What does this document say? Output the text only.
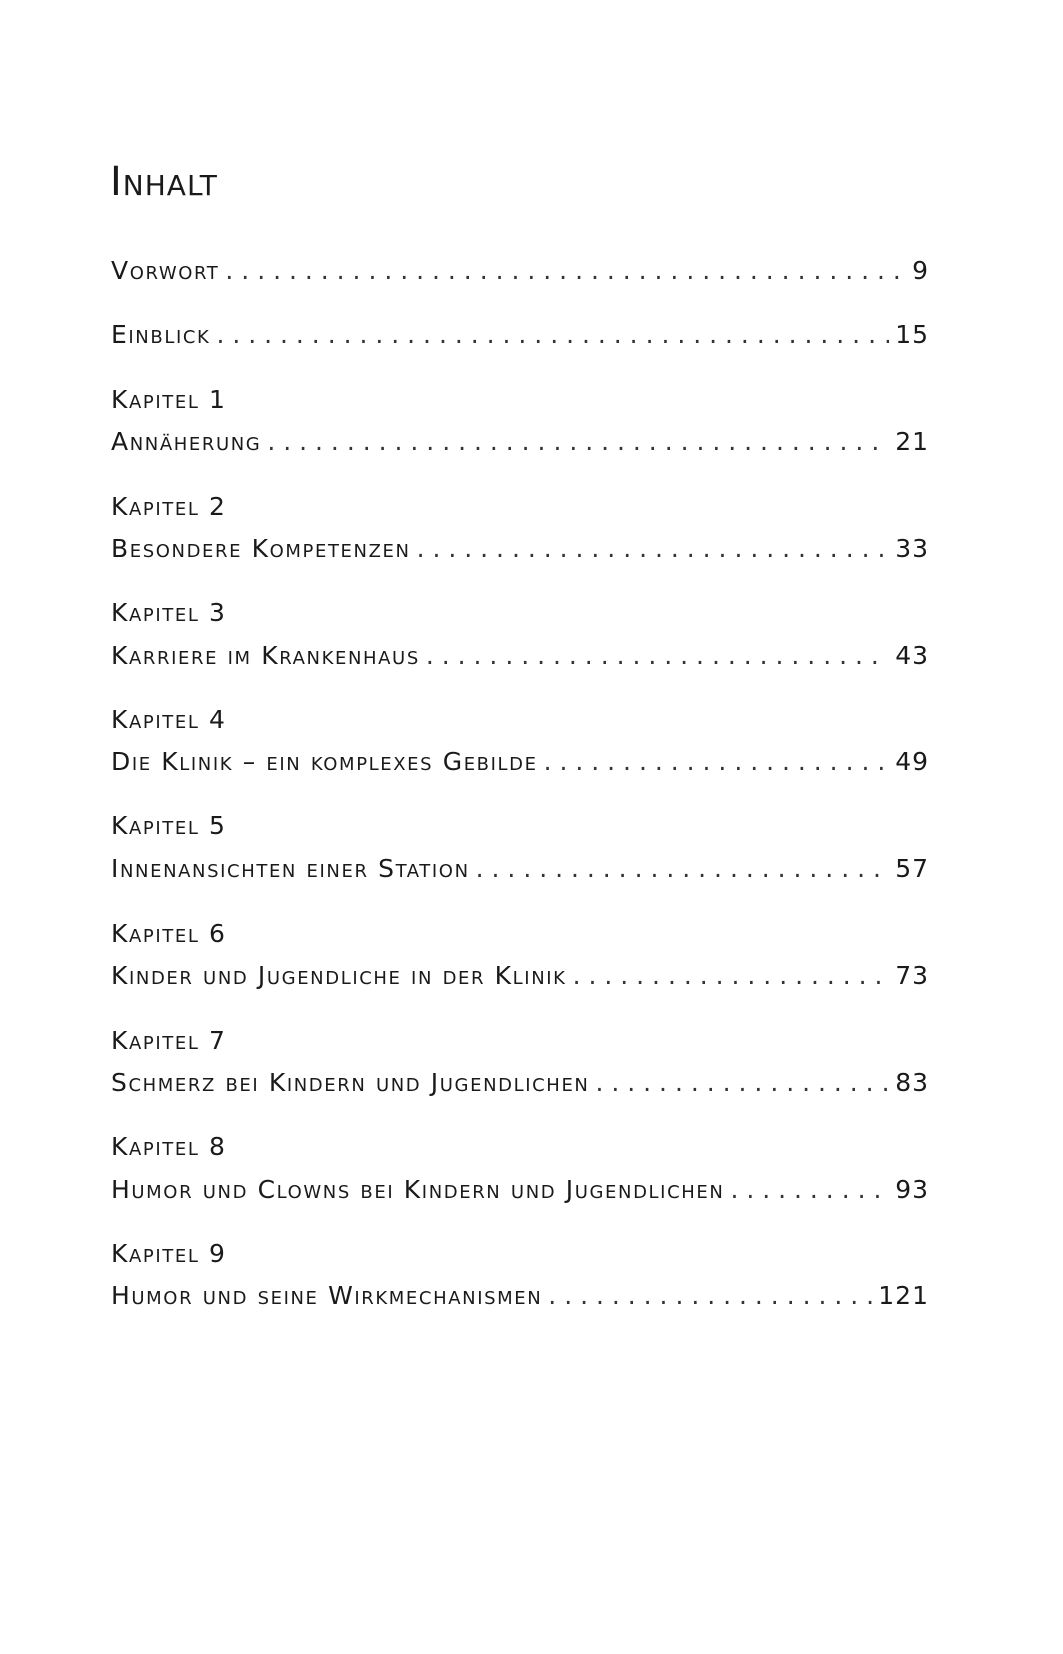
Inhalt
Vorwort . . .	9
Einblick . . .	15
Kapitel 1
Annäherung . . .	21
Kapitel 2
Besondere Kompetenzen . . .	33
Kapitel 3
Karriere im Krankenhaus . . .	43
Kapitel 4
Die Klinik – ein komplexes Gebilde . . .	49
Kapitel 5
Innenansichten einer Station . . .	57
Kapitel 6
Kinder und Jugendliche in der Klinik . . .	73
Kapitel 7
Schmerz bei Kindern und Jugendlichen . . .	83
Kapitel 8
Humor und Clowns bei Kindern und Jugendlichen . . .	93
Kapitel 9
Humor und seine Wirkmechanismen . . .	121
